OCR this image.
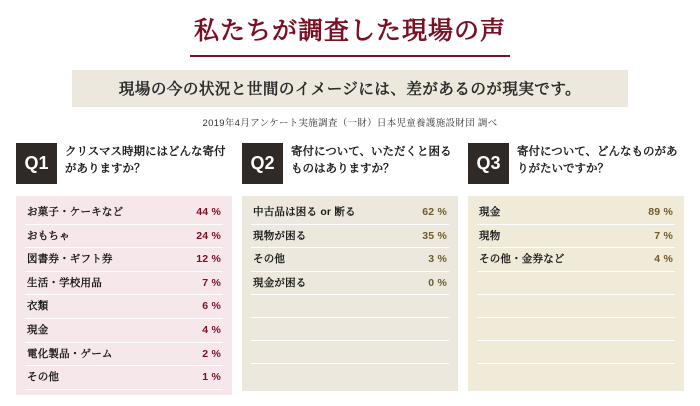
私たちが調査した現場の声
現場の今の状況と世間のイメージには、差があるのが現実です。
2019年4月アンケート実施調査（一財）日本児童養護施設財団 調べ
Q1
クリスマス時期にはどんな寄付がありますか？
お菓子・ケーキなど	44 %
おもちゃ	24 %
図書券・ギフト券	12 %
生活・学校用品	7 %
衣類	6 %
現金	4 %
電化製品・ゲーム	2 %
その他	1 %
Q2
寄付について、いただくと困るものはありますか？
中古品は困る or 断る	62 %
現物が困る	35 %
その他	3 %
現金が困る	0 %
Q3
寄付について、どんなものがありがたいですか？
現金	89 %
現物	7 %
その他・金券など	4 %
